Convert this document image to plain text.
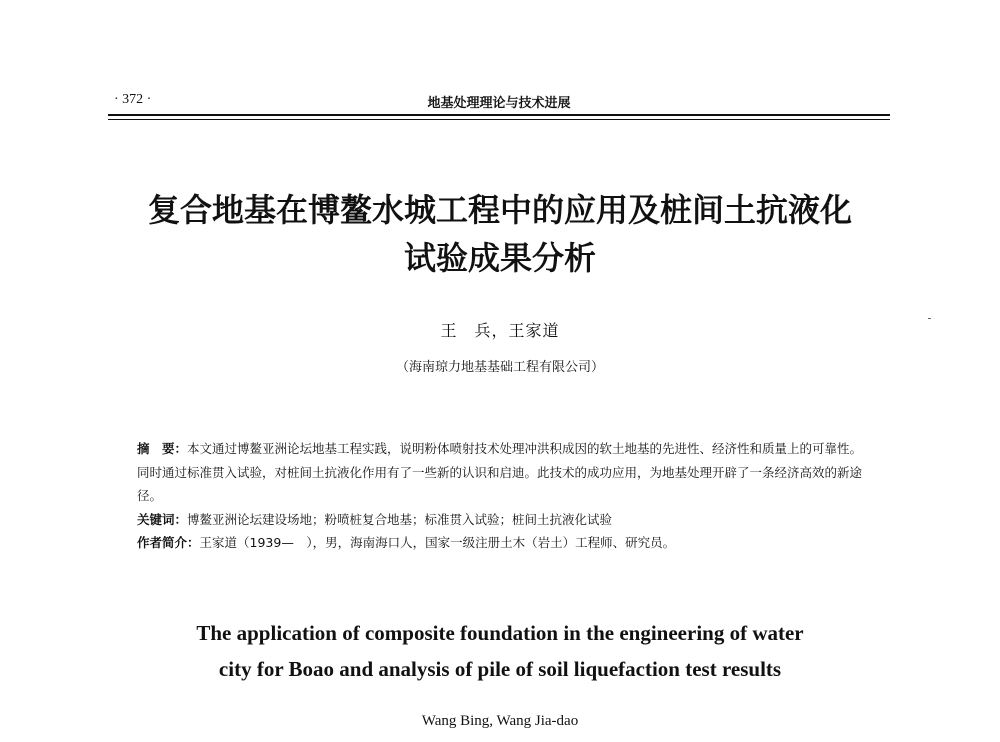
· 372 ·	地基处理理论与技术进展
复合地基在博鳌水城工程中的应用及桩间土抗液化
试验成果分析
王　兵，王家道
（海南琼力地基基础工程有限公司）

摘　要：本文通过博鳌亚洲论坛地基工程实践，说明粉体喷射技术处理冲洪积成因的软土地基的先进性、经济性和质量上的可靠性。同时通过标准贯入试验，对桩间土抗液化作用有了一些新的认识和启迪。此技术的成功应用，为地基处理开辟了一条经济高效的新途径。

关键词：博鳌亚洲论坛建设场地；粉喷桩复合地基；标准贯入试验；桩间土抗液化试验

作者简介：王家道（1939—　），男，海南海口人，国家一级注册土木（岩土）工程师、研究员。

The application of composite foundation in the engineering of water
city for Boao and analysis of pile of soil liquefaction test results
Wang Bing, Wang Jia-dao
